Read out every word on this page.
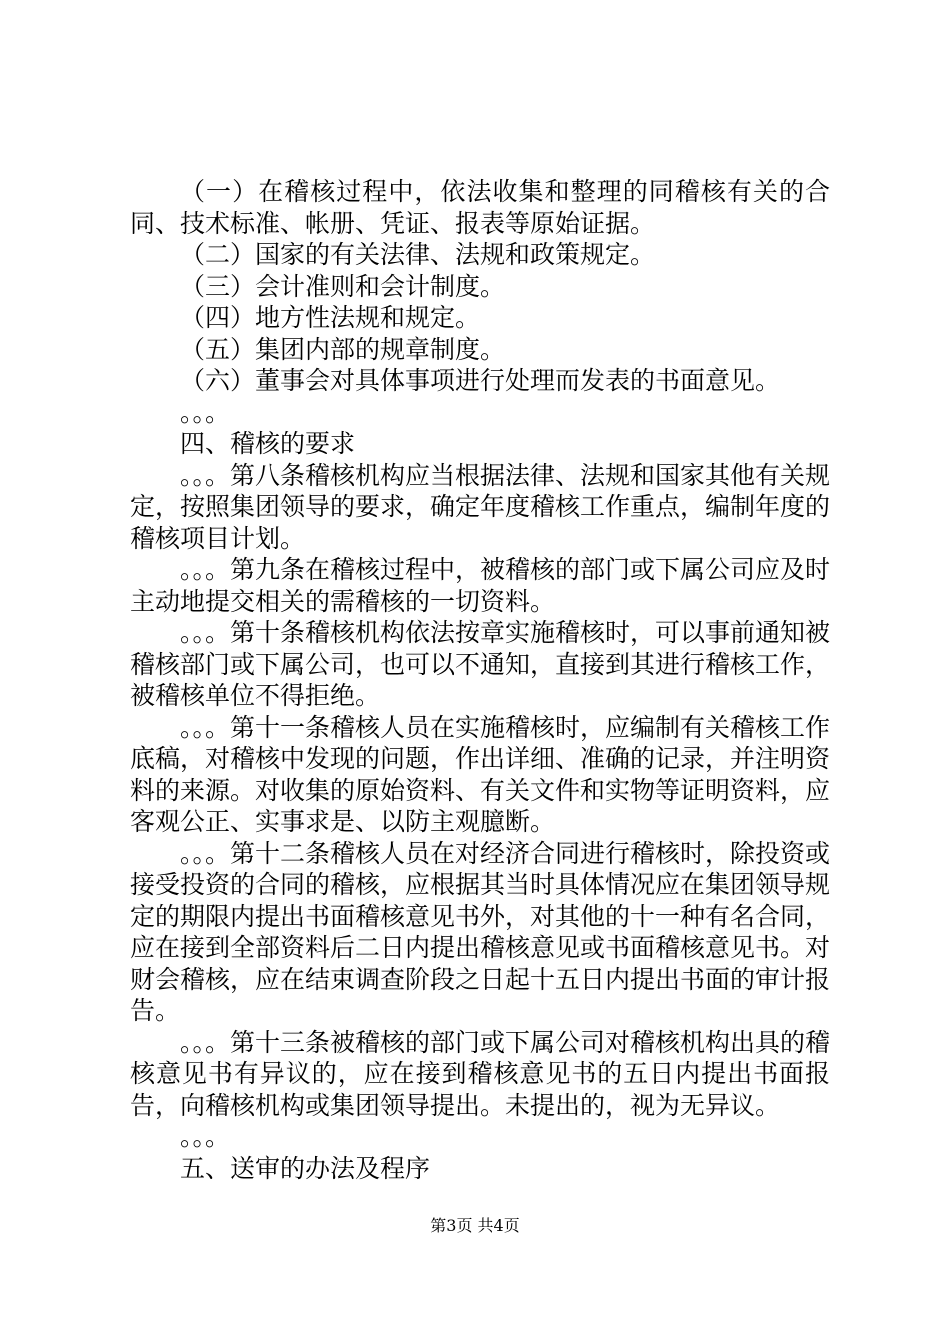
（一）在稽核过程中，依法收集和整理的同稽核有关的合同、技术标准、帐册、凭证、报表等原始证据。

（二）国家的有关法律、法规和政策规定。

（三）会计准则和会计制度。

（四）地方性法规和规定。

（五）集团内部的规章制度。

（六）董事会对具体事项进行处理而发表的书面意见。

。。。

四、稽核的要求

。。。第八条稽核机构应当根据法律、法规和国家其他有关规定，按照集团领导的要求，确定年度稽核工作重点，编制年度的稽核项目计划。

。。。第九条在稽核过程中，被稽核的部门或下属公司应及时主动地提交相关的需稽核的一切资料。

。。。第十条稽核机构依法按章实施稽核时，可以事前通知被稽核部门或下属公司，也可以不通知，直接到其进行稽核工作，被稽核单位不得拒绝。

。。。第十一条稽核人员在实施稽核时，应编制有关稽核工作底稿，对稽核中发现的问题，作出详细、准确的记录，并注明资料的来源。对收集的原始资料、有关文件和实物等证明资料，应客观公正、实事求是、以防主观臆断。

。。。第十二条稽核人员在对经济合同进行稽核时，除投资或接受投资的合同的稽核，应根据其当时具体情况应在集团领导规定的期限内提出书面稽核意见书外，对其他的十一种有名合同，应在接到全部资料后二日内提出稽核意见或书面稽核意见书。对财会稽核，应在结束调查阶段之日起十五日内提出书面的审计报告。

。。。第十三条被稽核的部门或下属公司对稽核机构出具的稽核意见书有异议的，应在接到稽核意见书的五日内提出书面报告，向稽核机构或集团领导提出。未提出的，视为无异议。

。。。

五、送审的办法及程序

第3页 共4页
